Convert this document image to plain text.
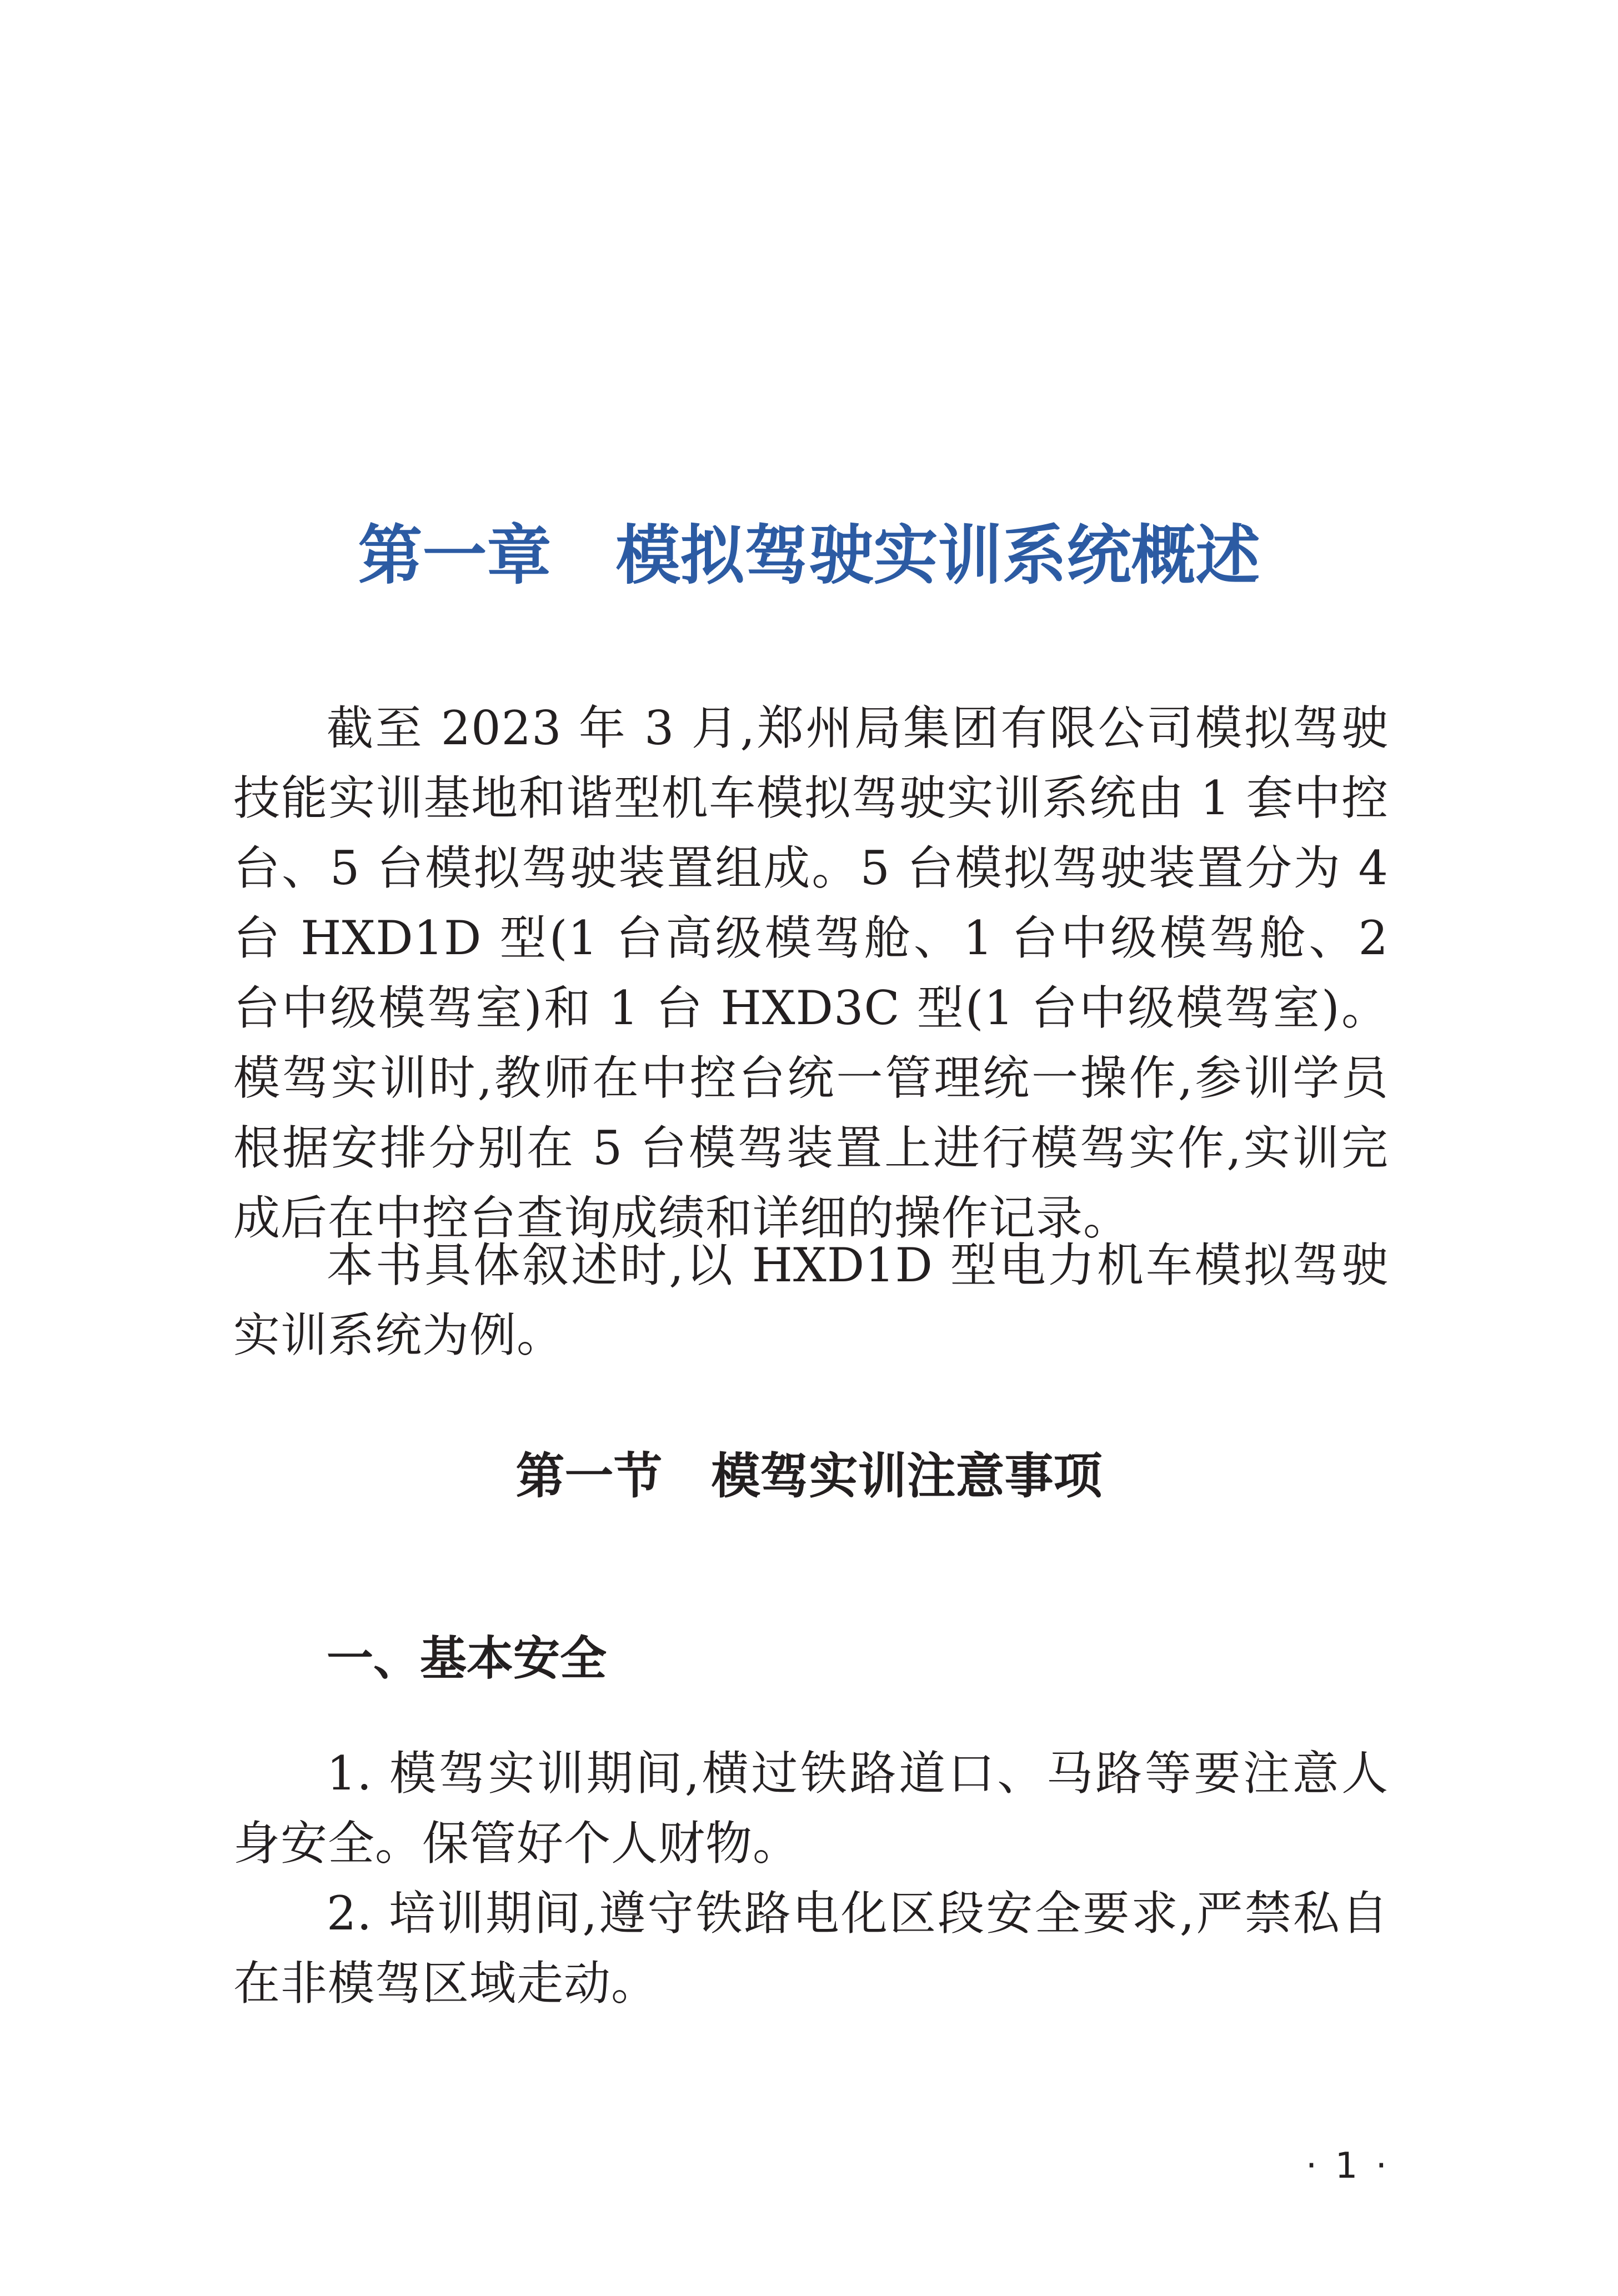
第一章　模拟驾驶实训系统概述

截至 2023 年 3 月,郑州局集团有限公司模拟驾驶技能实训基地和谐型机车模拟驾驶实训系统由 1 套中控台、5 台模拟驾驶装置组成。5 台模拟驾驶装置分为 4 台 HXD1D 型(1 台高级模驾舱、1 台中级模驾舱、2 台中级模驾室)和 1 台 HXD3C 型(1 台中级模驾室)。模驾实训时,教师在中控台统一管理统一操作,参训学员根据安排分别在 5 台模驾装置上进行模驾实作,实训完成后在中控台查询成绩和详细的操作记录。

本书具体叙述时,以 HXD1D 型电力机车模拟驾驶实训系统为例。

第一节　模驾实训注意事项
一、基本安全

1. 模驾实训期间,横过铁路道口、马路等要注意人身安全。保管好个人财物。

2. 培训期间,遵守铁路电化区段安全要求,严禁私自在非模驾区域走动。

· 1 ·
